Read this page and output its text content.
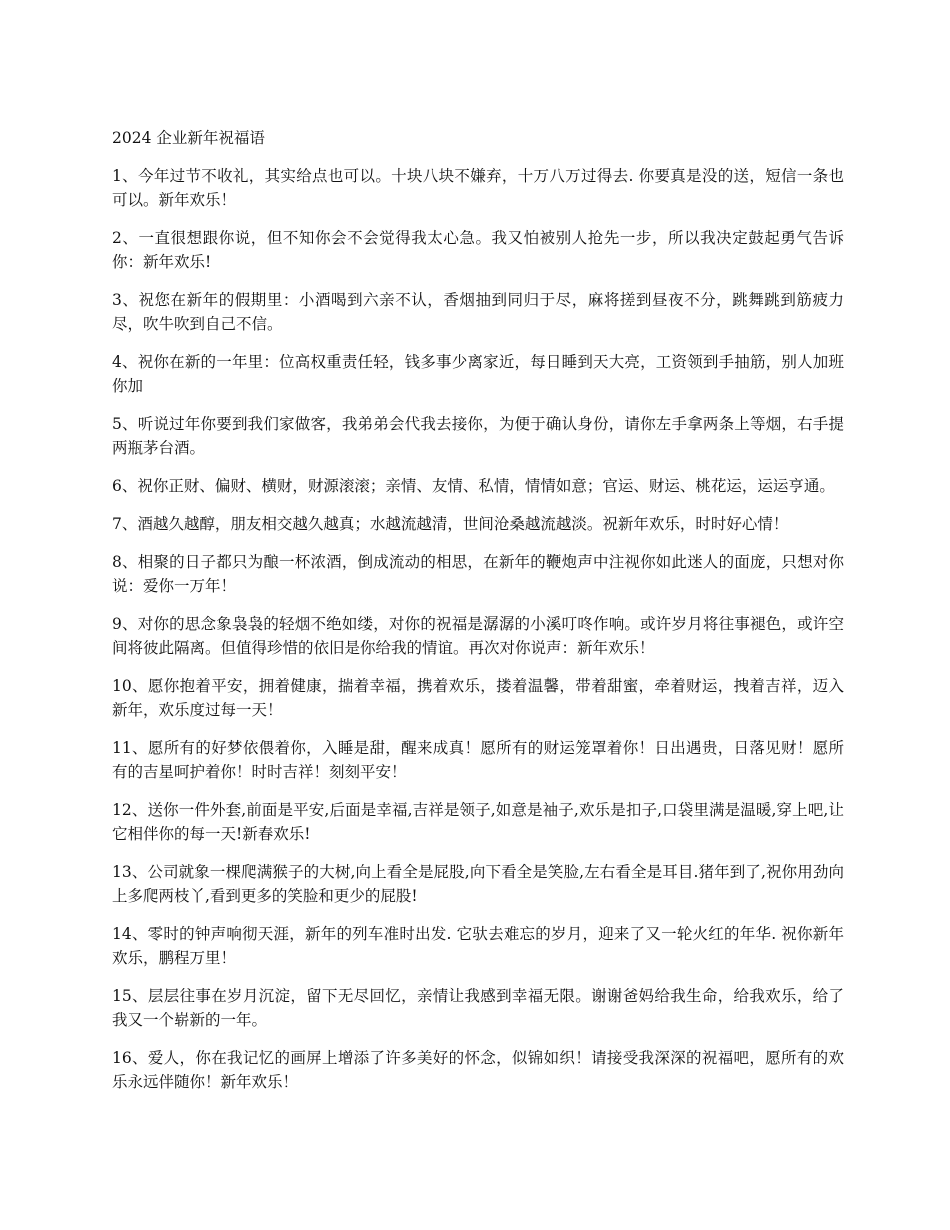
2024 企业新年祝福语

1、今年过节不收礼，其实给点也可以。十块八块不嫌弃，十万八万过得去. 你要真是没的送，短信一条也可以。新年欢乐！

2、一直很想跟你说，但不知你会不会觉得我太心急。我又怕被别人抢先一步，所以我决定鼓起勇气告诉你：新年欢乐!

3、祝您在新年的假期里：小酒喝到六亲不认，香烟抽到同归于尽，麻将搓到昼夜不分，跳舞跳到筋疲力尽，吹牛吹到自己不信。

4、祝你在新的一年里：位高权重责任轻，钱多事少离家近，每日睡到天大亮，工资领到手抽筋，别人加班你加

5、听说过年你要到我们家做客，我弟弟会代我去接你，为便于确认身份，请你左手拿两条上等烟，右手提两瓶茅台酒。

6、祝你正财、偏财、横财，财源滚滚；亲情、友情、私情，情情如意；官运、财运、桃花运，运运亨通。

7、酒越久越醇，朋友相交越久越真；水越流越清，世间沧桑越流越淡。祝新年欢乐，时时好心情！

8、相聚的日子都只为酿一杯浓酒，倒成流动的相思，在新年的鞭炮声中注视你如此迷人的面庞，只想对你说：爱你一万年！

9、对你的思念象袅袅的轻烟不绝如缕，对你的祝福是潺潺的小溪叮咚作响。或许岁月将往事褪色，或许空间将彼此隔离。但值得珍惜的依旧是你给我的情谊。再次对你说声：新年欢乐！

10、愿你抱着平安，拥着健康，揣着幸福，携着欢乐，搂着温馨，带着甜蜜，牵着财运，拽着吉祥，迈入新年，欢乐度过每一天！

11、愿所有的好梦依偎着你，入睡是甜，醒来成真！愿所有的财运笼罩着你！日出遇贵，日落见财！愿所有的吉星呵护着你！时时吉祥！刻刻平安！

12、送你一件外套,前面是平安,后面是幸福,吉祥是领子,如意是袖子,欢乐是扣子,口袋里满是温暖,穿上吧,让它相伴你的每一天!新春欢乐!

13、公司就象一棵爬满猴子的大树,向上看全是屁股,向下看全是笑脸,左右看全是耳目.猪年到了,祝你用劲向上多爬两枝丫,看到更多的笑脸和更少的屁股!

14、零时的钟声响彻天涯，新年的列车准时出发. 它驮去难忘的岁月，迎来了又一轮火红的年华. 祝你新年欢乐，鹏程万里！

15、层层往事在岁月沉淀，留下无尽回忆，亲情让我感到幸福无限。谢谢爸妈给我生命，给我欢乐，给了我又一个崭新的一年。

16、爱人，你在我记忆的画屏上增添了许多美好的怀念，似锦如织！请接受我深深的祝福吧，愿所有的欢乐永远伴随你！新年欢乐！
